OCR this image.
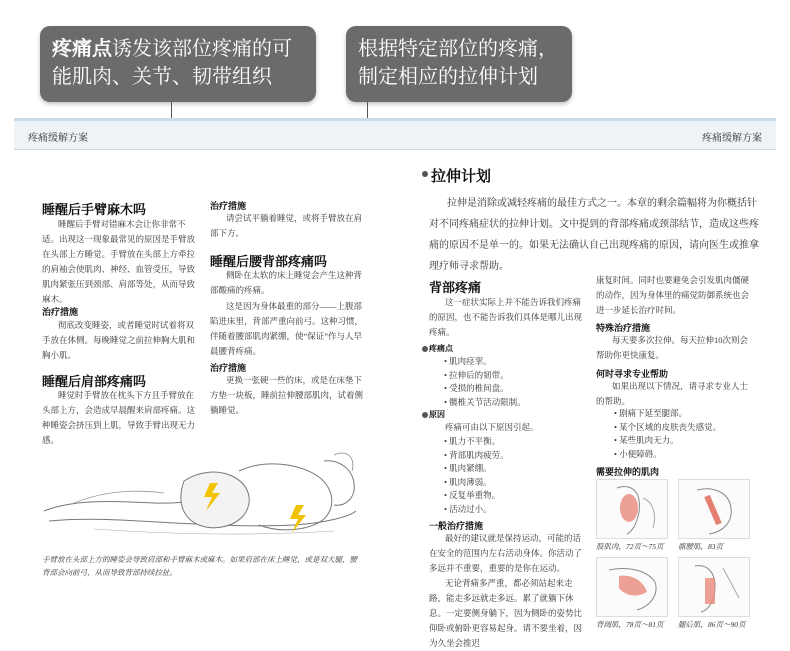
疼痛点诱发该部位疼痛的可
能肌肉、关节、韧带组织
根据特定部位的疼痛，
制定相应的拉伸计划
疼痛缓解方案	疼痛缓解方案
睡醒后手臂麻木吗
睡醒后手臂对错麻木会让你非常不适。出现这一现象最常见的原因是手臂放在头部上方睡觉。手臂放在头部上方牵拉的肩袖会使肌肉、神经、血管受压，导致肌肉紧张压到颈部、肩部等处，从而导致麻木。
治疗措施
彻底改变睡姿，或者睡觉时试着将双手放在体侧。每晚睡觉之前拉伸胸大肌和胸小肌。
睡醒后肩部疼痛吗
睡觉时手臂放在枕头下方且手臂放在头部上方，会造成早晨醒来肩部疼痛。这种睡姿会挤压到上肌，导致手臂出现无力感。
手臂放在头部上方的睡姿会导致肩部和手臂麻木或麻木。如果肩部在床上睡觉，或是双大腿，腰背部会向前弓，从而导致背部持续拉扯。
治疗措施
请尝试平躺着睡觉，或将手臂放在肩部下方。
睡醒后腰背部疼痛吗
侧卧在太软的床上睡觉会产生这种背部酸痛的疼痛。
这是因为身体最重的部分——上腹部陷进床里，背部严重向前弓。这种习惯，伴随着腰部肌肉紧绷，使“保证”作与人早晨腰背疼痛。
治疗措施
更换一张硬一些的床，或是在床垫下方垫一块板，睡前拉伸腰部肌肉，试着侧躺睡觉。
拉伸计划
拉伸是消除或减轻疼痛的最佳方式之一。本章的剩余篇幅将为你概括针对不同疼痛症状的拉伸计划。文中提到的背部疼痛或颈部结节，造成这些疼痛的原因不是单一的。如果无法确认自己出现疼痛的原因，请向医生或推拿理疗师寻求帮助。
背部疼痛
这一症状实际上并不能告诉我们疼痛的原因，也不能告诉我们具体是哪儿出现疼痛。
疼痛点
• 肌肉痉挛。
• 拉伸后的韧带。
• 受损的椎间盘。
• 髋椎关节活动限制。
原因
疼痛可由以下原因引起。
• 肌力不平衡。
• 背部肌肉疲劳。
• 肌肉紧绷。
• 肌肉薄弱。
• 反复举重物。
• 活动过小。
一般治疗措施
最好的建议就是保持运动，可能的话在安全的范围内左右活动身体。你活动了多远并不重要，重要的是你在运动。
无论背痛多严重，都必须站起来走路，能走多远就走多远。累了就躺下休息。一定要侧身躺下，因为侧卧的姿势比仰卧或俯卧更容易起身。请不要坐着，因为久坐会推迟
康复时间。同时也要避免会引发肌肉僵硬的动作，因为身体里的痛觉防御系统也会进一步延长治疗时间。
特殊治疗措施
每天要多次拉伸。每天拉伸10次则会帮助你更快康复。
何时寻求专业帮助
如果出现以下情况，请寻求专业人士的帮助。
• 剧痛下延至腿部。
• 某个区域的皮肤丧失感觉。
• 某些肌肉无力。
• 小便障碍。
需要拉伸的肌肉
股肌肉，72页～75页 髂腰肌，83页
背阔肌，78页～81页 腿后肌，86页～90页
